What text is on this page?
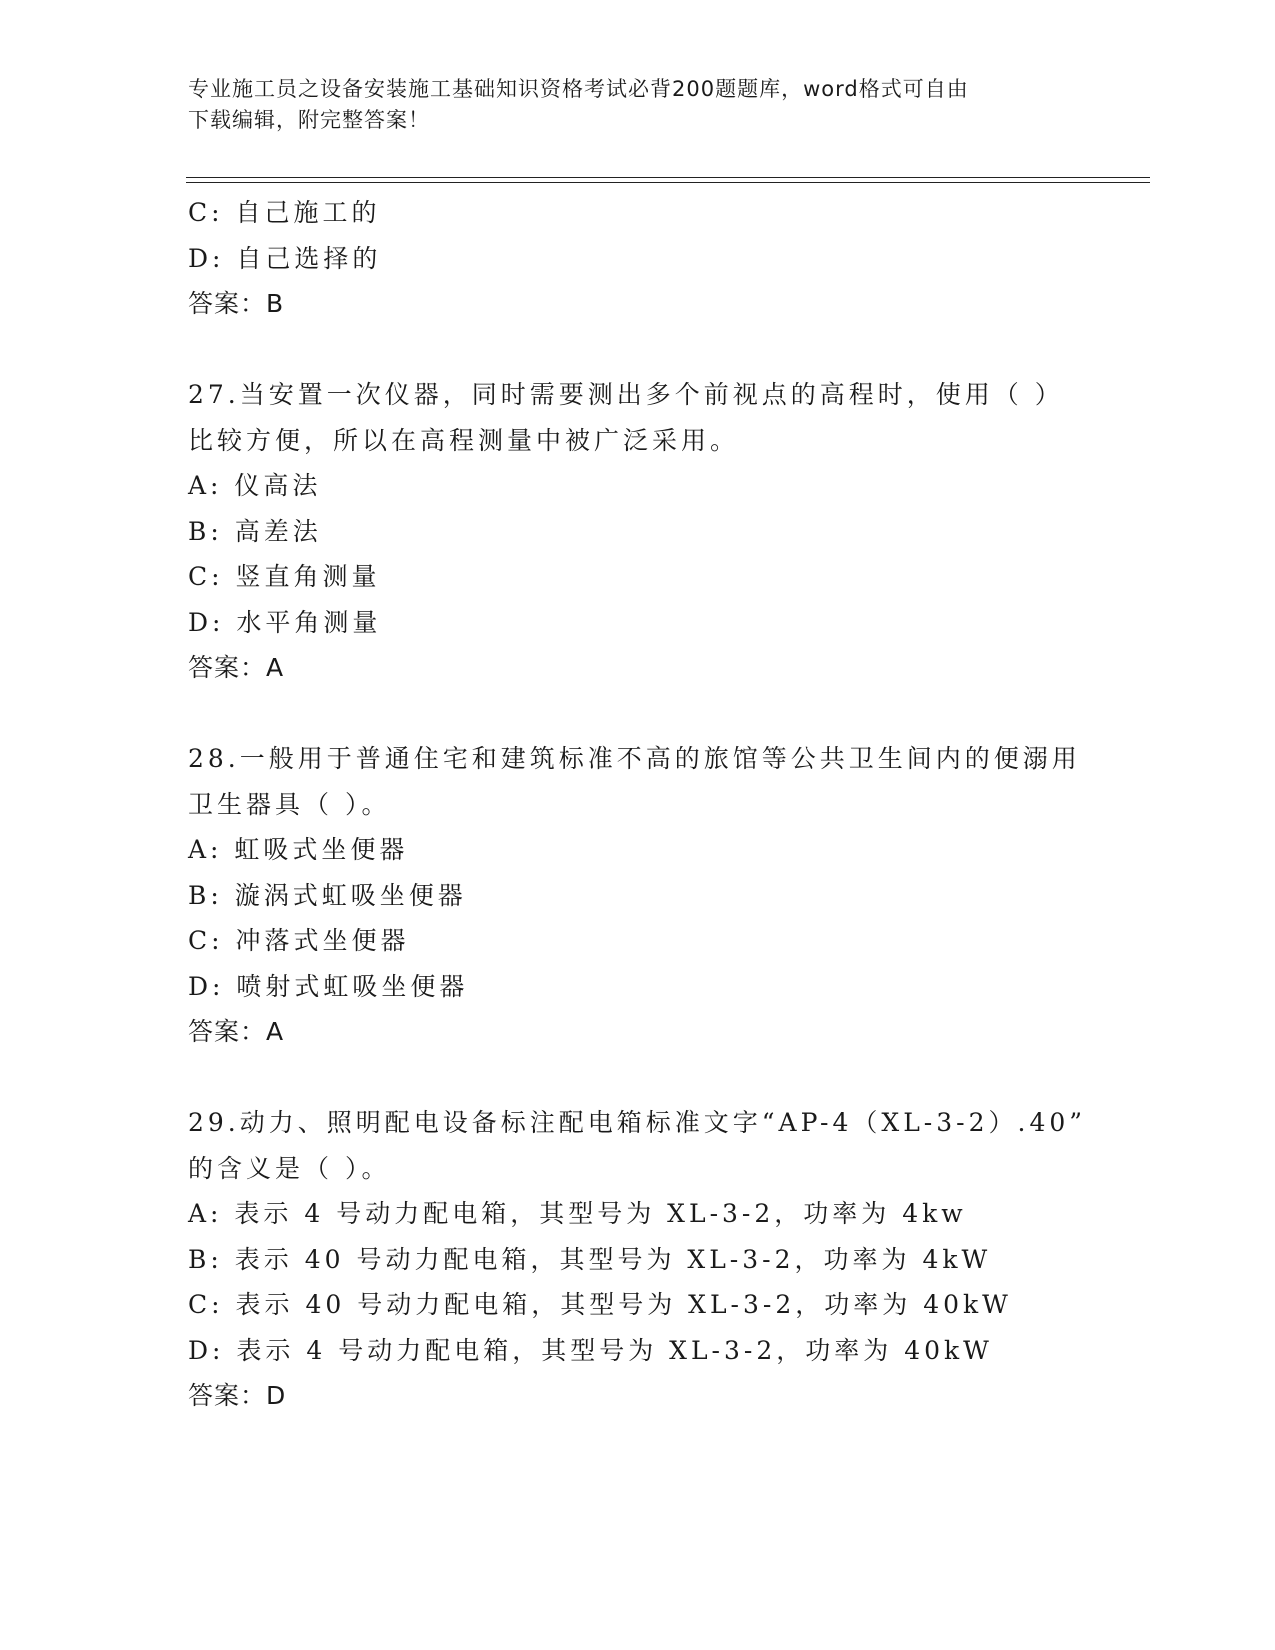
专业施工员之设备安装施工基础知识资格考试必背200题题库，word格式可自由
下载编辑，附完整答案！
C: 自己施工的
D: 自己选择的
答案：B
27.当安置一次仪器，同时需要测出多个前视点的高程时，使用（ ）
比较方便，所以在高程测量中被广泛采用。
A: 仪高法
B: 高差法
C: 竖直角测量
D: 水平角测量
答案：A
28.一般用于普通住宅和建筑标准不高的旅馆等公共卫生间内的便溺用
卫生器具（ ）。
A: 虹吸式坐便器
B: 漩涡式虹吸坐便器
C: 冲落式坐便器
D: 喷射式虹吸坐便器
答案：A
29.动力、照明配电设备标注配电箱标准文字“AP-4（XL-3-2）.40”
的含义是（ ）。
A: 表示 4 号动力配电箱，其型号为 XL-3-2，功率为 4kw
B: 表示 40 号动力配电箱，其型号为 XL-3-2，功率为 4kW
C: 表示 40 号动力配电箱，其型号为 XL-3-2，功率为 40kW
D: 表示 4 号动力配电箱，其型号为 XL-3-2，功率为 40kW
答案：D
